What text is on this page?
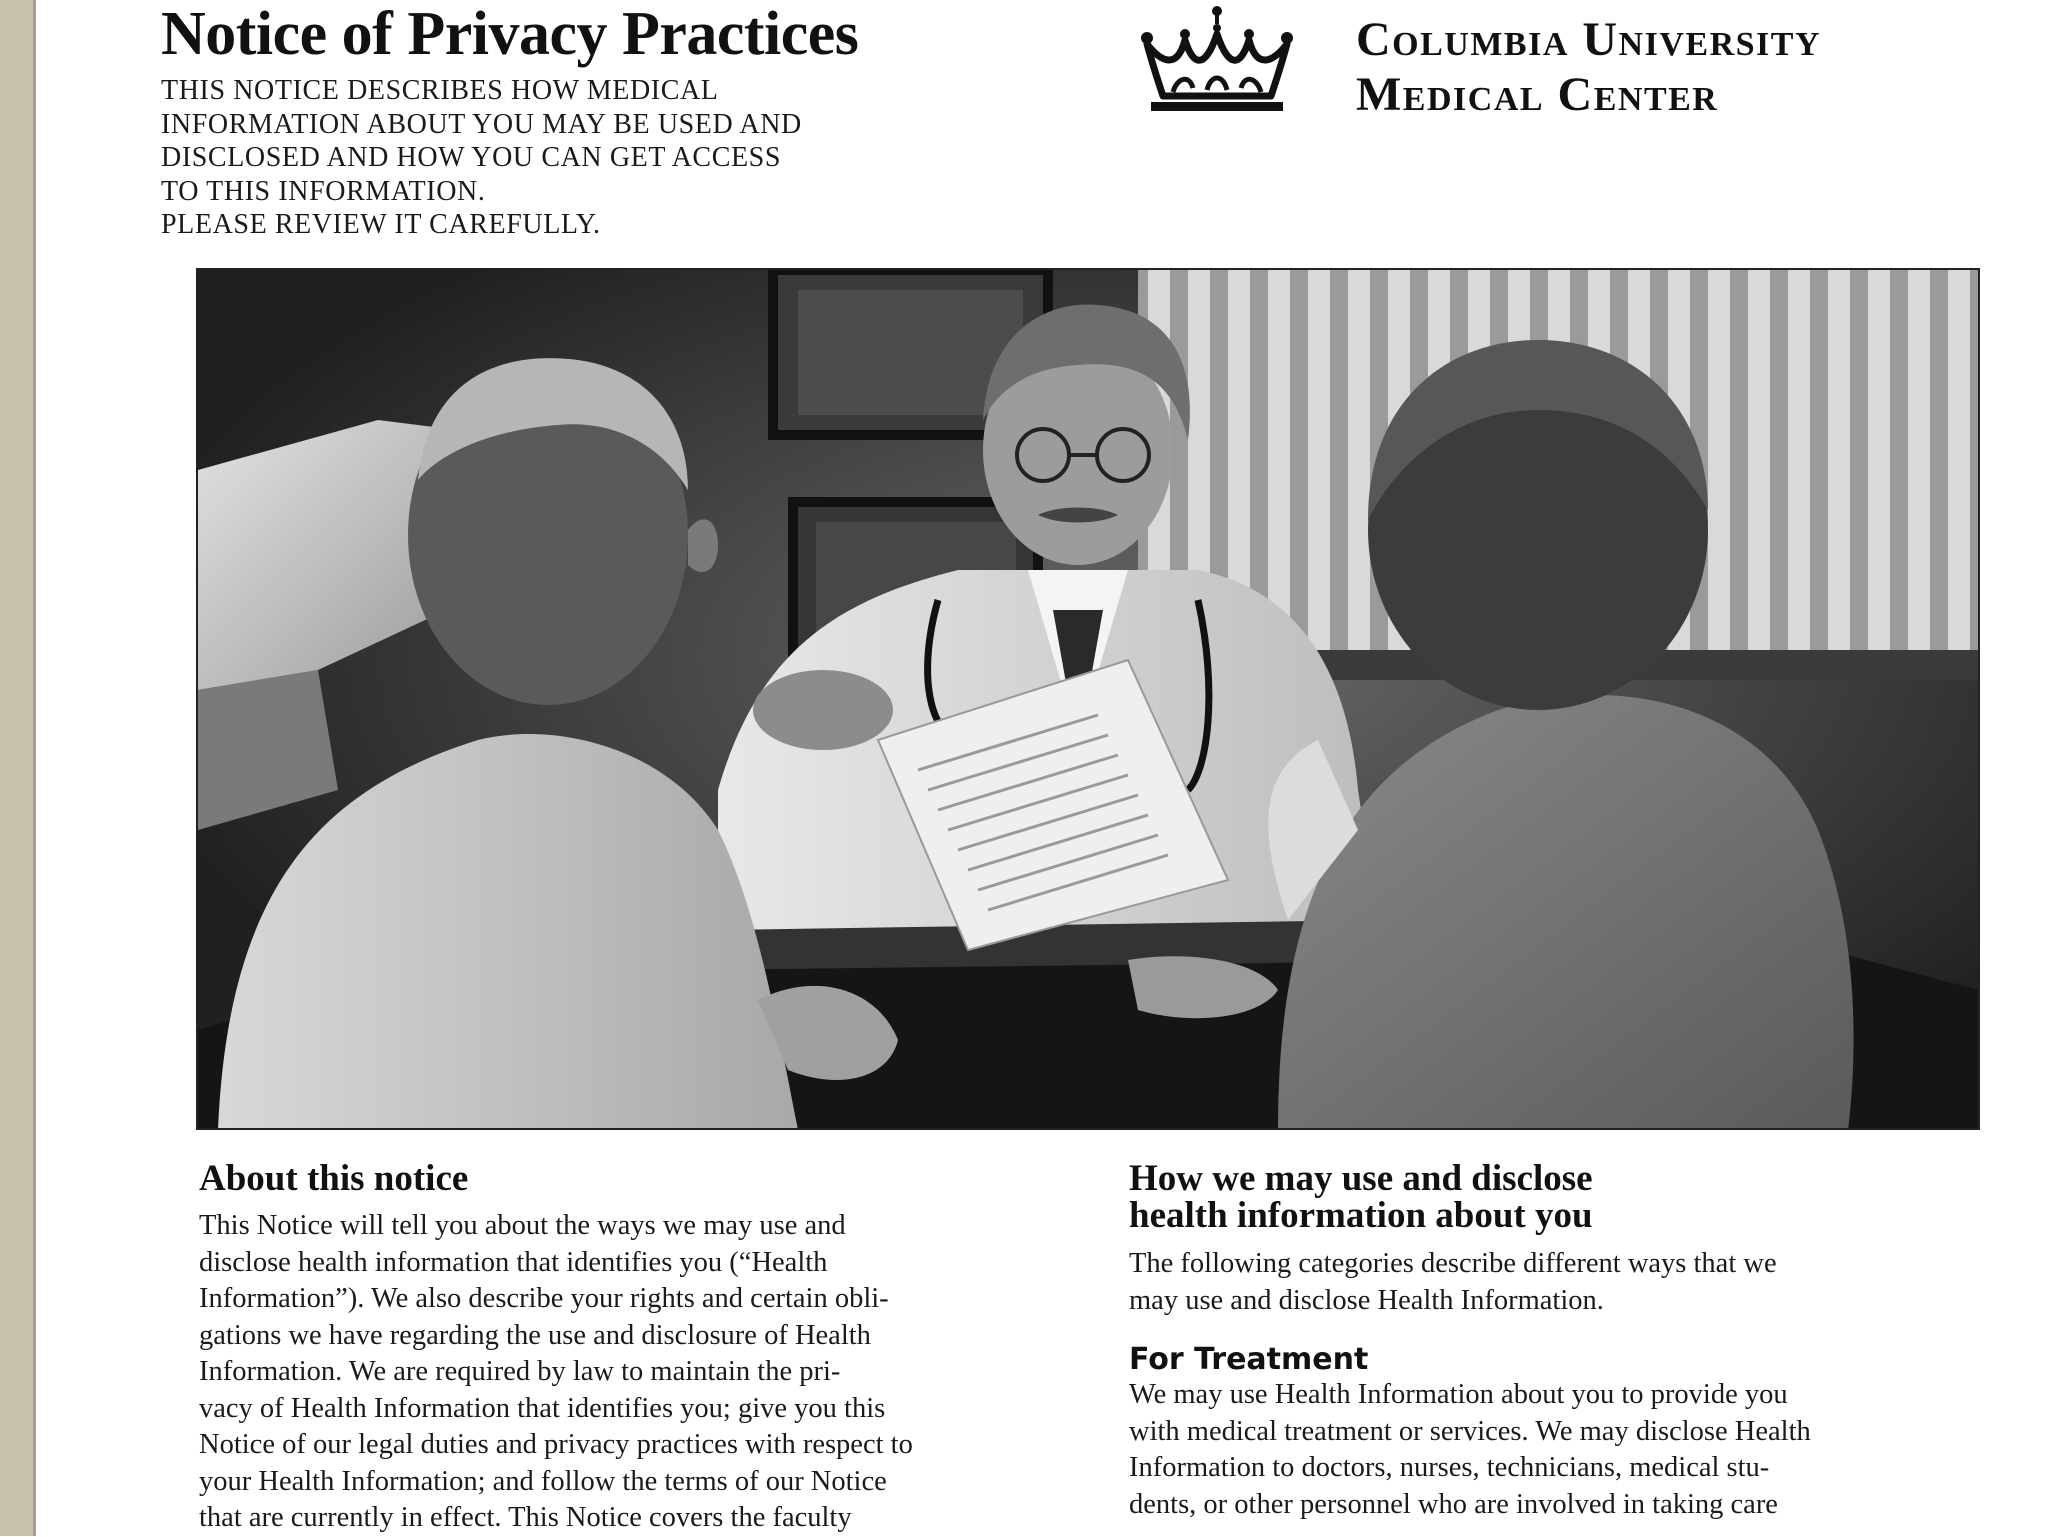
Notice of Privacy Practices
THIS NOTICE DESCRIBES HOW MEDICAL
INFORMATION ABOUT YOU MAY BE USED AND
DISCLOSED AND HOW YOU CAN GET ACCESS
TO THIS INFORMATION.
PLEASE REVIEW IT CAREFULLY.
Columbia University
Medical Center
About this notice
This Notice will tell you about the ways we may use and
disclose health information that identifies you (“Health
Information”). We also describe your rights and certain obli-
gations we have regarding the use and disclosure of Health
Information. We are required by law to maintain the pri-
vacy of Health Information that identifies you; give you this
Notice of our legal duties and privacy practices with respect to
your Health Information; and follow the terms of our Notice
that are currently in effect. This Notice covers the faculty
How we may use and disclose
health information about you
The following categories describe different ways that we
may use and disclose Health Information.
For Treatment
We may use Health Information about you to provide you
with medical treatment or services. We may disclose Health
Information to doctors, nurses, technicians, medical stu-
dents, or other personnel who are involved in taking care
